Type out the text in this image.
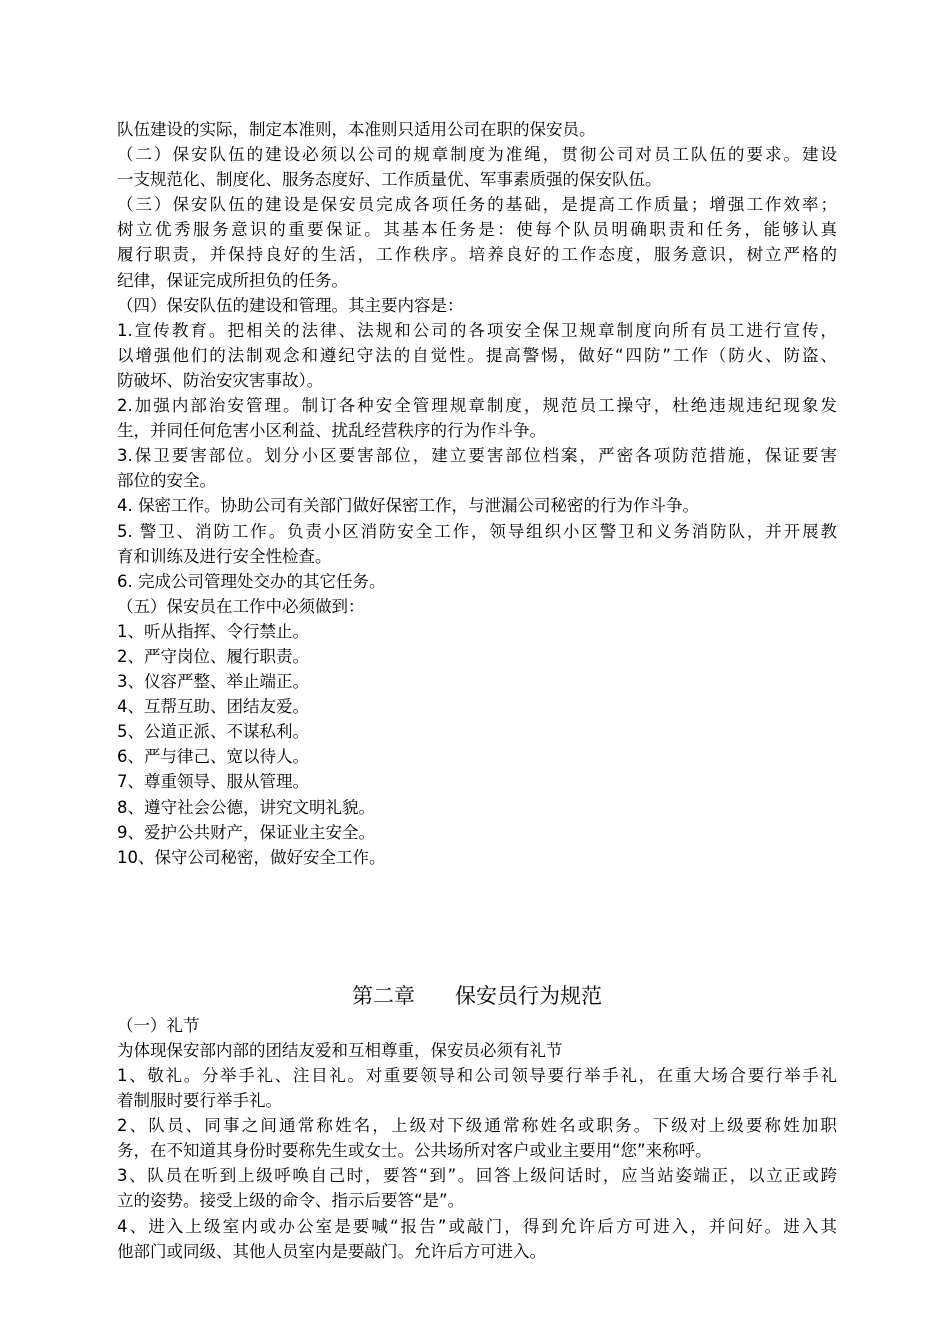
队伍建设的实际，制定本准则，本准则只适用公司在职的保安员。
（二）保安队伍的建设必须以公司的规章制度为准绳，贯彻公司对员工队伍的要求。建设
一支规范化、制度化、服务态度好、工作质量优、军事素质强的保安队伍。
（三）保安队伍的建设是保安员完成各项任务的基础，是提高工作质量；增强工作效率；
树立优秀服务意识的重要保证。其基本任务是：使每个队员明确职责和任务，能够认真
履行职责，并保持良好的生活，工作秩序。培养良好的工作态度，服务意识，树立严格的
纪律，保证完成所担负的任务。
（四）保安队伍的建设和管理。其主要内容是：
1.宣传教育。把相关的法律、法规和公司的各项安全保卫规章制度向所有员工进行宣传，
以增强他们的法制观念和遵纪守法的自觉性。提高警惕，做好“四防”工作（防火、防盗、
防破坏、防治安灾害事故）。
2.加强内部治安管理。制订各种安全管理规章制度，规范员工操守，杜绝违规违纪现象发
生，并同任何危害小区利益、扰乱经营秩序的行为作斗争。
3.保卫要害部位。划分小区要害部位，建立要害部位档案，严密各项防范措施，保证要害
部位的安全。
4. 保密工作。协助公司有关部门做好保密工作，与泄漏公司秘密的行为作斗争。
5. 警卫、消防工作。负责小区消防安全工作，领导组织小区警卫和义务消防队，并开展教
育和训练及进行安全性检查。
6. 完成公司管理处交办的其它任务。
（五）保安员在工作中必须做到：
1、听从指挥、令行禁止。
2、严守岗位、履行职责。
3、仪容严整、举止端正。
4、互帮互助、团结友爱。
5、公道正派、不谋私利。
6、严与律己、宽以待人。
7、尊重领导、服从管理。
8、遵守社会公德，讲究文明礼貌。
9、爱护公共财产，保证业主安全。
10、保守公司秘密，做好安全工作。
第二章      保安员行为规范
（一）礼节
为体现保安部内部的团结友爱和互相尊重，保安员必须有礼节
1、敬礼。分举手礼、注目礼。对重要领导和公司领导要行举手礼，在重大场合要行举手礼
着制服时要行举手礼。
2、队员、同事之间通常称姓名，上级对下级通常称姓名或职务。下级对上级要称姓加职
务，在不知道其身份时要称先生或女士。公共场所对客户或业主要用“您”来称呼。
3、队员在听到上级呼唤自己时，要答“到”。回答上级问话时，应当站姿端正，以立正或跨
立的姿势。接受上级的命令、指示后要答“是”。
4、进入上级室内或办公室是要喊“报告”或敲门，得到允许后方可进入，并问好。进入其
他部门或同级、其他人员室内是要敲门。允许后方可进入。
